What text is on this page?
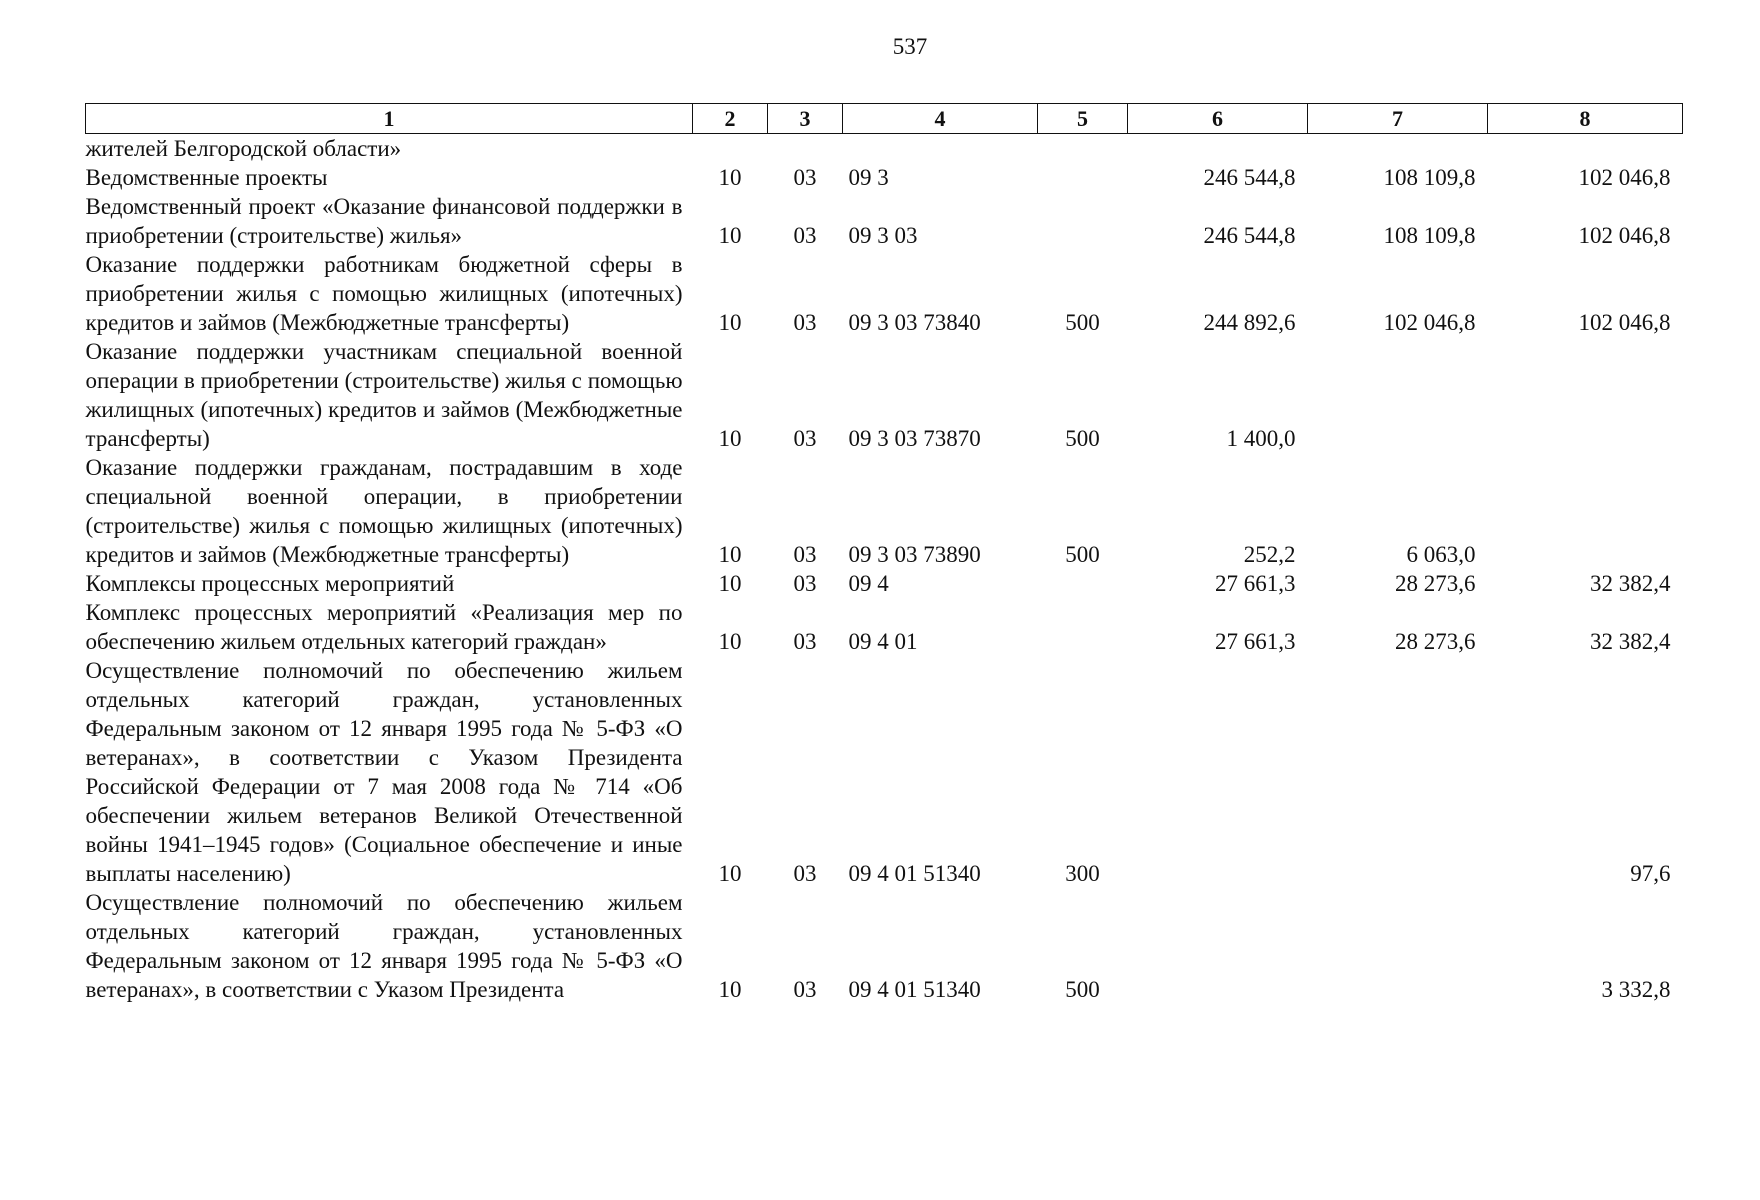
537
1	2	3	4	5	6	7	8
жителей Белгородской области»							
Ведомственные проекты	10	03	09 3		246 544,8	108 109,8	102 046,8
Ведомственный проект «Оказание финансовой поддержки в приобретении (строительстве) жилья»	10	03	09 3 03		246 544,8	108 109,8	102 046,8
Оказание поддержки работникам бюджетной сферы в приобретении жилья с помощью жилищных (ипотечных) кредитов и займов (Межбюджетные трансферты)	10	03	09 3 03 73840	500	244 892,6	102 046,8	102 046,8
Оказание поддержки участникам специальной военной операции в приобретении (строительстве) жилья с помощью жилищных (ипотечных) кредитов и займов (Межбюджетные трансферты)	10	03	09 3 03 73870	500	1 400,0		
Оказание поддержки гражданам, пострадавшим в ходе специальной военной операции, в приобретении (строительстве) жилья с помощью жилищных (ипотечных) кредитов и займов (Межбюджетные трансферты)	10	03	09 3 03 73890	500	252,2	6 063,0	
Комплексы процессных мероприятий	10	03	09 4		27 661,3	28 273,6	32 382,4
Комплекс процессных мероприятий «Реализация мер по обеспечению жильем отдельных категорий граждан»	10	03	09 4 01		27 661,3	28 273,6	32 382,4
Осуществление полномочий по обеспечению жильем отдельных категорий граждан, установленных Федеральным законом от 12 января 1995 года № 5-ФЗ «О ветеранах», в соответствии с Указом Президента Российской Федерации от 7 мая 2008 года № 714 «Об обеспечении жильем ветеранов Великой Отечественной войны 1941–1945 годов» (Социальное обеспечение и иные выплаты населению)	10	03	09 4 01 51340	300			97,6
Осуществление полномочий по обеспечению жильем отдельных категорий граждан, установленных Федеральным законом от 12 января 1995 года № 5-ФЗ «О ветеранах», в соответствии с Указом Президента	10	03	09 4 01 51340	500			3 332,8
